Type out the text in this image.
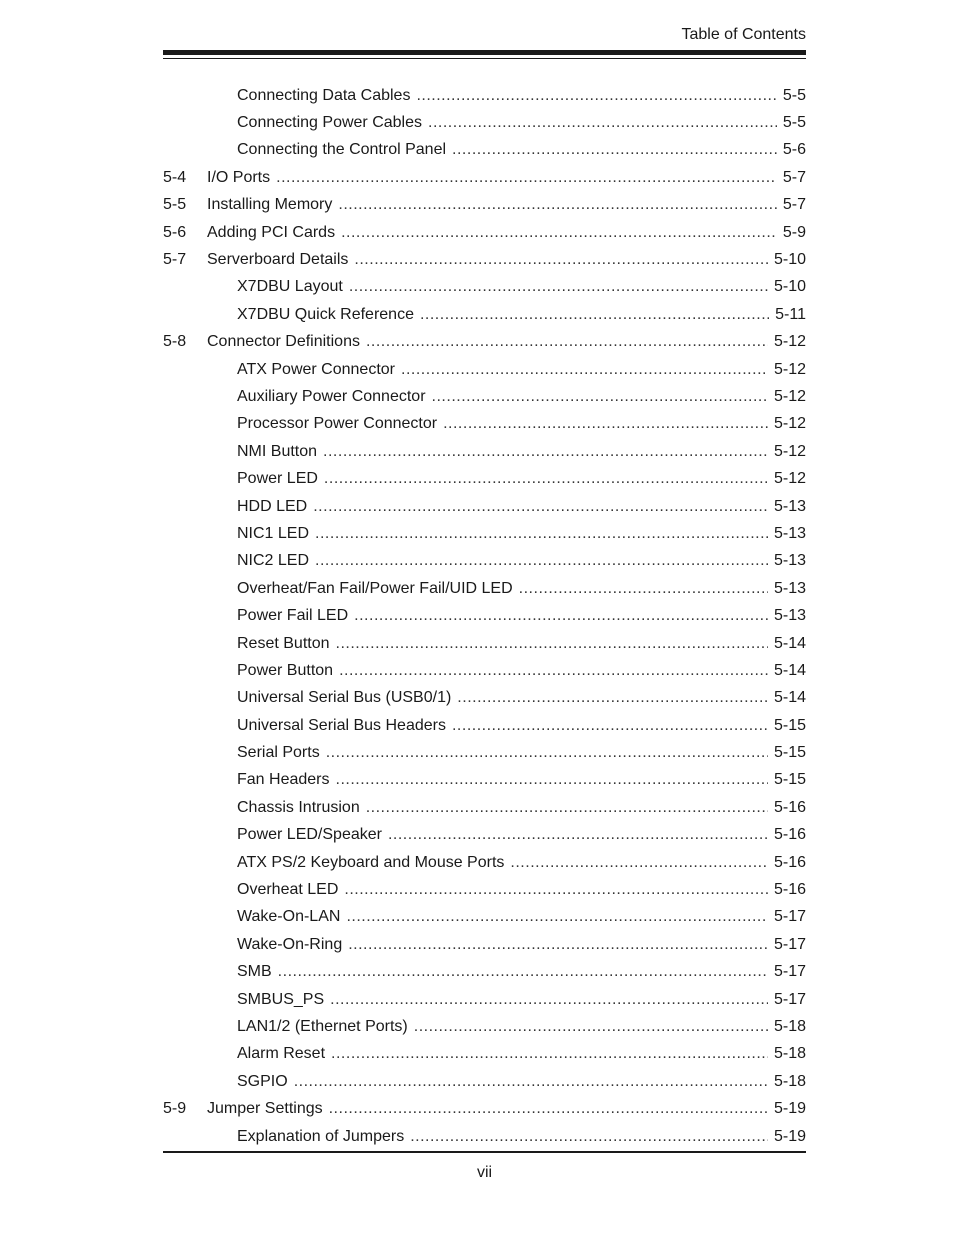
Table of Contents
Connecting Data Cables .....	5-5
Connecting Power Cables .....	5-5
Connecting the Control Panel .....	5-6
5-4	I/O Ports .....	5-7
5-5	Installing Memory .....	5-7
5-6	Adding PCI Cards .....	5-9
5-7	Serverboard Details .....	5-10
X7DBU Layout .....	5-10
X7DBU Quick Reference .....	5-11
5-8	Connector Definitions .....	5-12
ATX Power Connector .....	5-12
Auxiliary Power Connector .....	5-12
Processor Power Connector .....	5-12
NMI Button .....	5-12
Power LED .....	5-12
HDD LED .....	5-13
NIC1 LED .....	5-13
NIC2 LED .....	5-13
Overheat/Fan Fail/Power Fail/UID LED .....	5-13
Power Fail LED .....	5-13
Reset Button .....	5-14
Power Button .....	5-14
Universal Serial Bus (USB0/1) .....	5-14
Universal Serial Bus Headers .....	5-15
Serial Ports .....	5-15
Fan Headers .....	5-15
Chassis Intrusion .....	5-16
Power LED/Speaker .....	5-16
ATX PS/2 Keyboard and Mouse Ports .....	5-16
Overheat LED .....	5-16
Wake-On-LAN .....	5-17
Wake-On-Ring .....	5-17
SMB .....	5-17
SMBUS_PS .....	5-17
LAN1/2 (Ethernet Ports) .....	5-18
Alarm Reset .....	5-18
SGPIO .....	5-18
5-9	Jumper Settings .....	5-19
Explanation of Jumpers .....	5-19
vii
